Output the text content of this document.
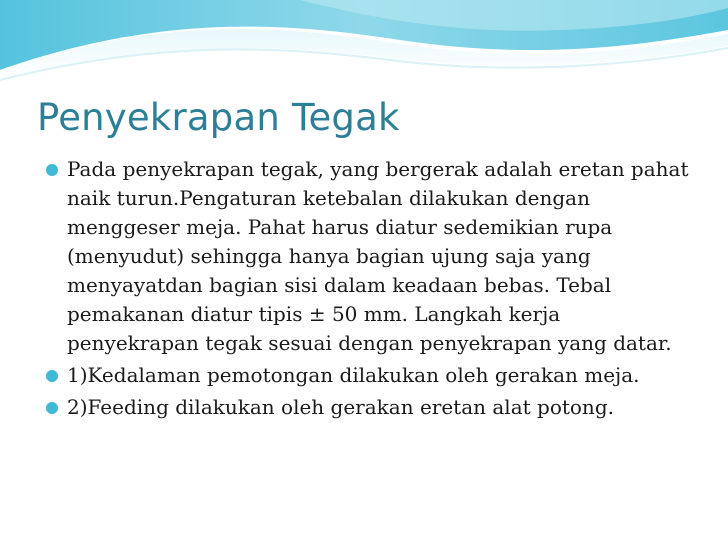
Penyekrapan Tegak
Pada penyekrapan tegak, yang bergerak adalah eretan pahat naik turun.Pengaturan ketebalan dilakukan dengan menggeser meja. Pahat harus diatur sedemikian rupa (menyudut) sehingga hanya bagian ujung saja yang menyayatdan bagian sisi dalam keadaan bebas. Tebal pemakanan diatur tipis ± 50 mm. Langkah kerja penyekrapan tegak sesuai dengan penyekrapan yang datar.
1)Kedalaman pemotongan dilakukan oleh gerakan meja.
2)Feeding dilakukan oleh gerakan eretan alat potong.
